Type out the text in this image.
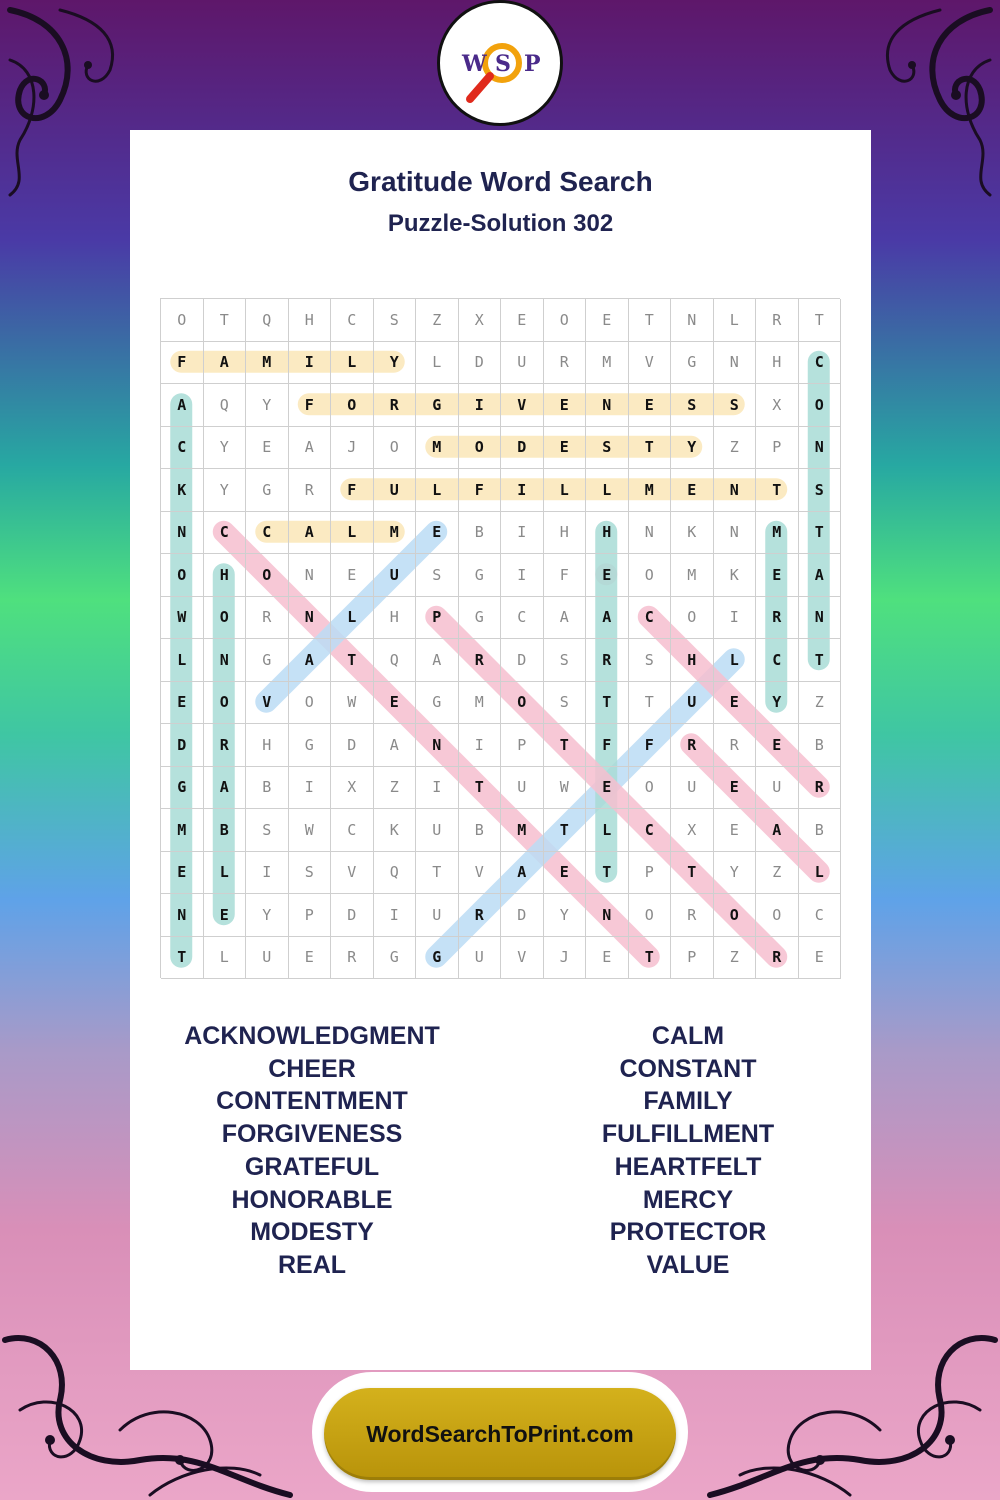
W S P
Gratitude Word Search
Puzzle-Solution 302
O	T	Q	H	C	S	Z	X	E	O	E	T	N	L	R	T
F	A	M	I	L	Y	L	D	U	R	M	V	G	N	H	C
A	Q	Y	F	O	R	G	I	V	E	N	E	S	S	X	O
C	Y	E	A	J	O	M	O	D	E	S	T	Y	Z	P	N
K	Y	G	R	F	U	L	F	I	L	L	M	E	N	T	S
N	C	C	A	L	M	E	B	I	H	H	N	K	N	M	T
O	H	O	N	E	U	S	G	I	F	E	O	M	K	E	A
W	O	R	N	L	H	P	G	C	A	A	C	O	I	R	N
L	N	G	A	T	Q	A	R	D	S	R	S	H	L	C	T
E	O	V	O	W	E	G	M	O	S	T	T	U	E	Y	Z
D	R	H	G	D	A	N	I	P	T	F	F	R	R	E	B
G	A	B	I	X	Z	I	T	U	W	E	O	U	E	U	R
M	B	S	W	C	K	U	B	M	T	L	C	X	E	A	B
E	L	I	S	V	Q	T	V	A	E	T	P	T	Y	Z	L
N	E	Y	P	D	I	U	R	D	Y	N	O	R	O	O	C
T	L	U	E	R	G	G	U	V	J	E	T	P	Z	R	E
ACKNOWLEDGMENT
CHEER
CONTENTMENT
FORGIVENESS
GRATEFUL
HONORABLE
MODESTY
REAL
CALM
CONSTANT
FAMILY
FULFILLMENT
HEARTFELT
MERCY
PROTECTOR
VALUE
WordSearchToPrint.com
